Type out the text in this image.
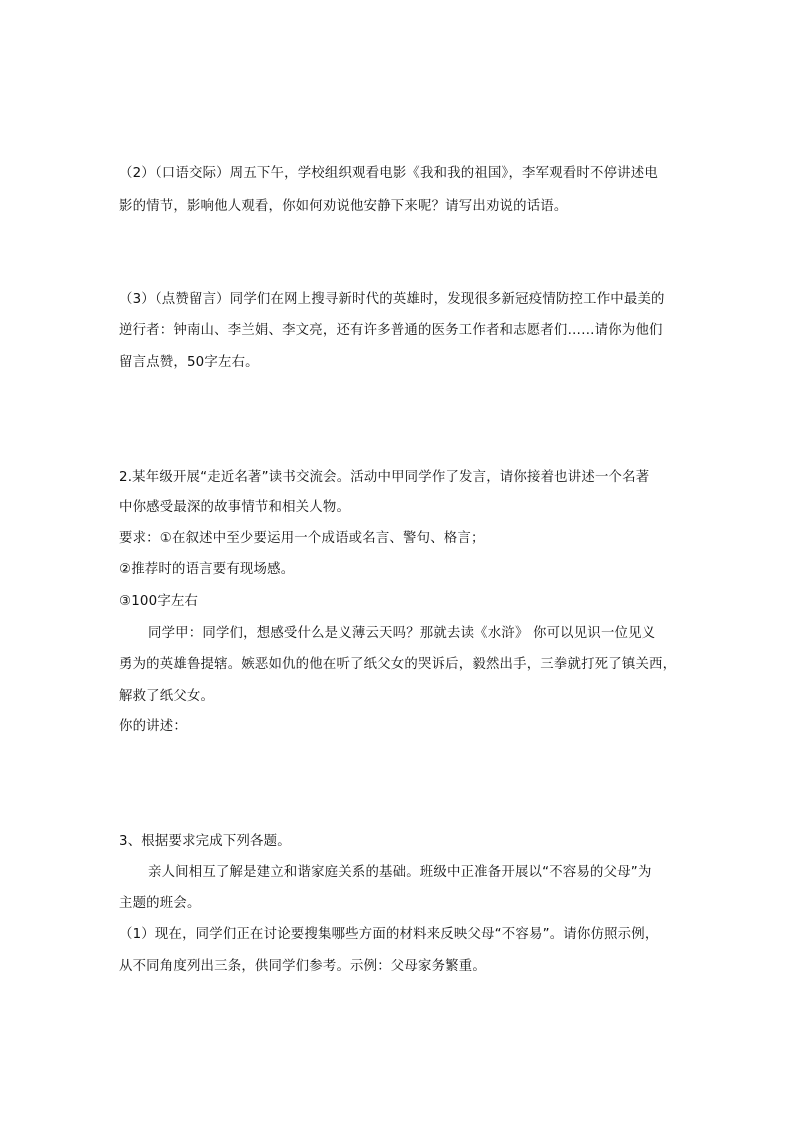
（2）（口语交际）周五下午，学校组织观看电影《我和我的祖国》，李军观看时不停讲述电
影的情节，影响他人观看，你如何劝说他安静下来呢？请写出劝说的话语。
（3）（点赞留言）同学们在网上搜寻新时代的英雄时，发现很多新冠疫情防控工作中最美的
逆行者：钟南山、李兰娟、李文亮，还有许多普通的医务工作者和志愿者们……请你为他们
留言点赞，50字左右。
2.某年级开展“走近名著”读书交流会。活动中甲同学作了发言，请你接着也讲述一个名著
中你感受最深的故事情节和相关人物。
要求：①在叙述中至少要运用一个成语或名言、警句、格言；
②推荐时的语言要有现场感。
③100字左右
同学甲：同学们，想感受什么是义薄云天吗？那就去读《水浒》 你可以见识一位见义
勇为的英雄鲁提辖。嫉恶如仇的他在听了纸父女的哭诉后，毅然出手，三拳就打死了镇关西，
解救了纸父女。
你的讲述：
3、根据要求完成下列各题。
亲人间相互了解是建立和谐家庭关系的基础。班级中正准备开展以“不容易的父母”为
主题的班会。
（1）现在，同学们正在讨论要搜集哪些方面的材料来反映父母“不容易”。请你仿照示例，
从不同角度列出三条，供同学们参考。示例：父母家务繁重。
